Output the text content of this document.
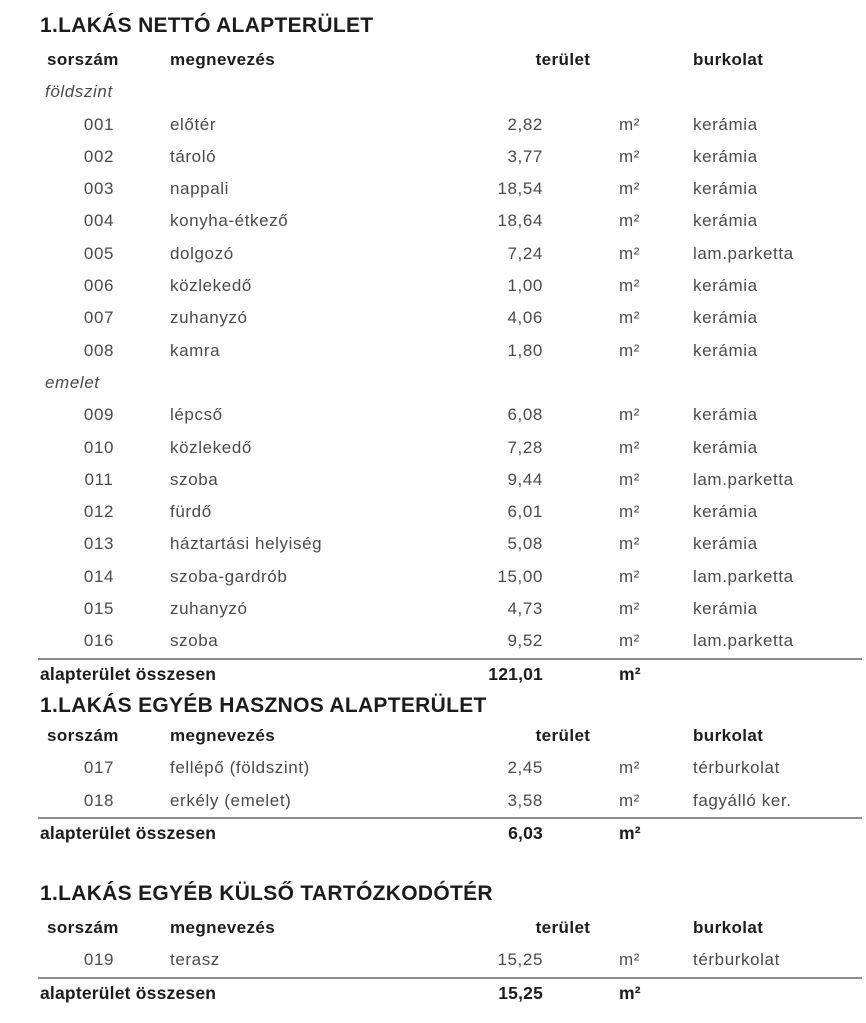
1.LAKÁS NETTÓ ALAPTERÜLET
sorszám	megnevezés	terület	burkolat
földszint
001	előtér	2,82	m²	kerámia
002	tároló	3,77	m²	kerámia
003	nappali	18,54	m²	kerámia
004	konyha-étkező	18,64	m²	kerámia
005	dolgozó	7,24	m²	lam.parketta
006	közlekedő	1,00	m²	kerámia
007	zuhanyzó	4,06	m²	kerámia
008	kamra	1,80	m²	kerámia
emelet
009	lépcső	6,08	m²	kerámia
010	közlekedő	7,28	m²	kerámia
011	szoba	9,44	m²	lam.parketta
012	fürdő	6,01	m²	kerámia
013	háztartási helyiség	5,08	m²	kerámia
014	szoba-gardrób	15,00	m²	lam.parketta
015	zuhanyzó	4,73	m²	kerámia
016	szoba	9,52	m²	lam.parketta
alapterület összesen	121,01	m²
1.LAKÁS EGYÉB HASZNOS ALAPTERÜLET
sorszám	megnevezés	terület	burkolat
017	fellépő (földszint)	2,45	m²	térburkolat
018	erkély (emelet)	3,58	m²	fagyálló ker.
alapterület összesen	6,03	m²
1.LAKÁS EGYÉB KÜLSŐ TARTÓZKODÓTÉR
sorszám	megnevezés	terület	burkolat
019	terasz	15,25	m²	térburkolat
alapterület összesen	15,25	m²
